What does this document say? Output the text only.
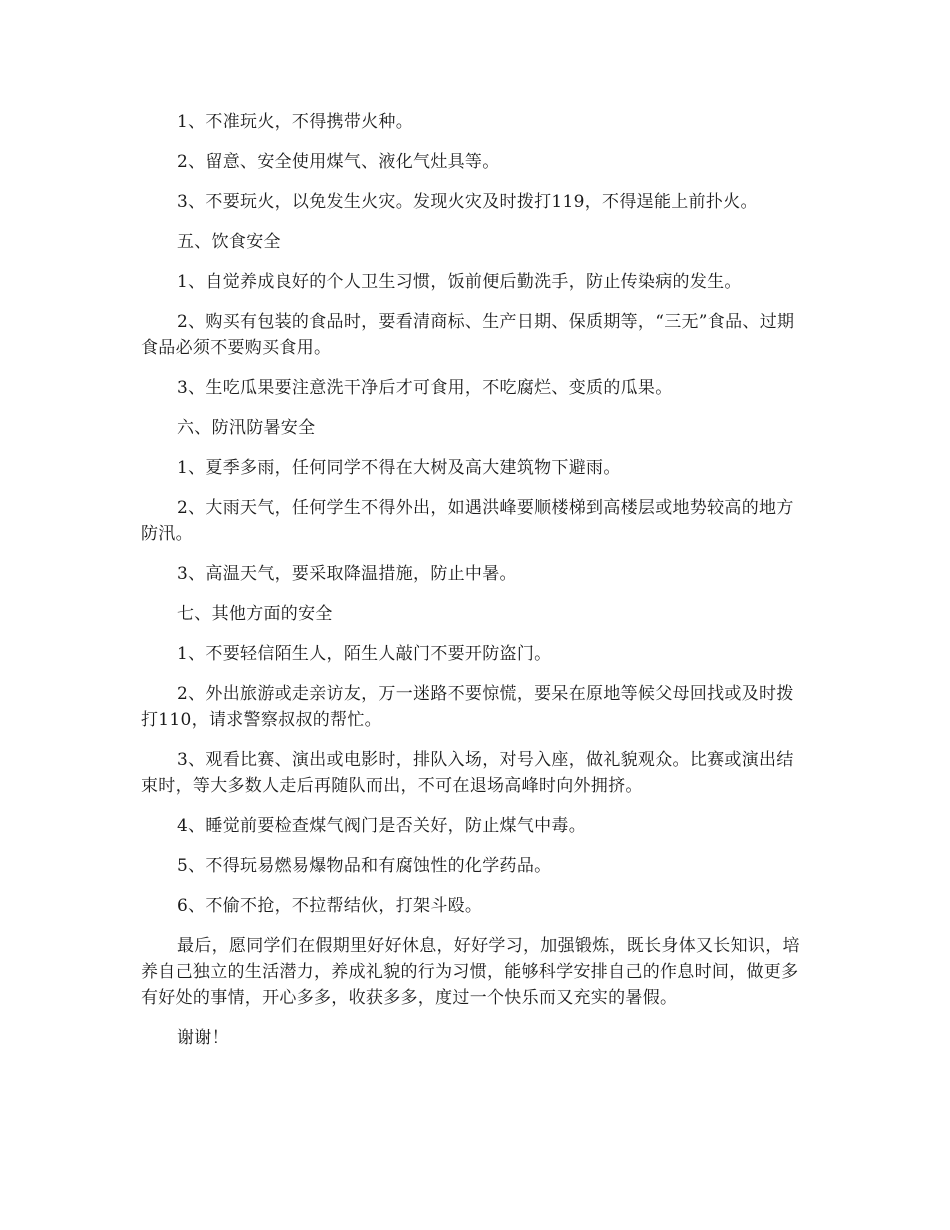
1、不准玩火，不得携带火种。

2、留意、安全使用煤气、液化气灶具等。

3、不要玩火，以免发生火灾。发现火灾及时拨打119，不得逞能上前扑火。

五、饮食安全

1、自觉养成良好的个人卫生习惯，饭前便后勤洗手，防止传染病的发生。

2、购买有包装的食品时，要看清商标、生产日期、保质期等，“三无”食品、过期食品必须不要购买食用。

3、生吃瓜果要注意洗干净后才可食用，不吃腐烂、变质的瓜果。

六、防汛防暑安全

1、夏季多雨，任何同学不得在大树及高大建筑物下避雨。

2、大雨天气，任何学生不得外出，如遇洪峰要顺楼梯到高楼层或地势较高的地方防汛。

3、高温天气，要采取降温措施，防止中暑。

七、其他方面的安全

1、不要轻信陌生人，陌生人敲门不要开防盗门。

2、外出旅游或走亲访友，万一迷路不要惊慌，要呆在原地等候父母回找或及时拨打110，请求警察叔叔的帮忙。

3、观看比赛、演出或电影时，排队入场，对号入座，做礼貌观众。比赛或演出结束时，等大多数人走后再随队而出，不可在退场高峰时向外拥挤。

4、睡觉前要检查煤气阀门是否关好，防止煤气中毒。

5、不得玩易燃易爆物品和有腐蚀性的化学药品。

6、不偷不抢，不拉帮结伙，打架斗殴。

最后，愿同学们在假期里好好休息，好好学习，加强锻炼，既长身体又长知识，培养自己独立的生活潜力，养成礼貌的行为习惯，能够科学安排自己的作息时间，做更多有好处的事情，开心多多，收获多多，度过一个快乐而又充实的暑假。

谢谢！
